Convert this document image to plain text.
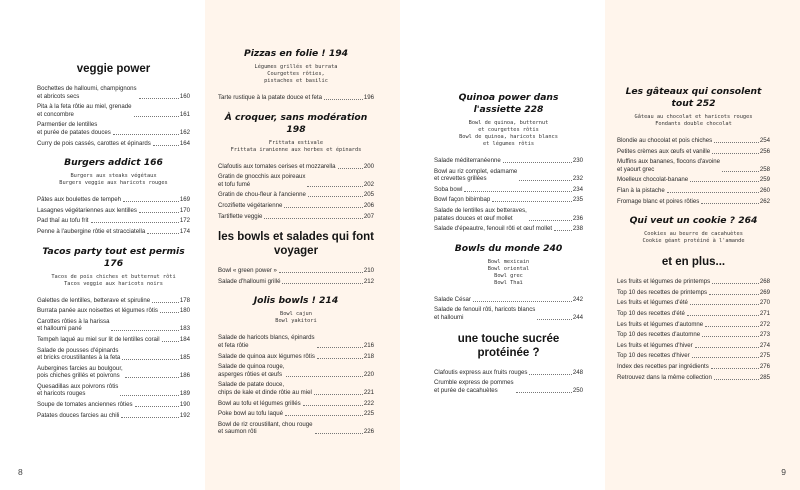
veggie power
Bochettes de halloumi, champignons
et abricots secs	160
Pita à la feta rôtie au miel, grenade
et concombre	161
Parmentier de lentilles
et purée de patates douces	162
Curry de pois cassés, carottes et épinards	164
Burgers addict 166
Burgers aux steaks végétaux
Burgers veggie aux haricots rouges
Pâtes aux boulettes de tempeh	169
Lasagnes végétariennes aux lentilles	170
Pad thaï au tofu frit	172
Penne à l'aubergine rôtie et stracciatella	174
Tacos party tout est permis 176
Tacos de pois chiches et butternut rôti
Tacos veggie aux haricots noirs
Galettes de lentilles, betterave et spiruline	178
Burrata panée aux noisettes et légumes rôtis	180
Carottes rôties à la harissa
et halloumi pané	183
Tempeh laqué au miel sur lit de lentilles corail	184
Salade de pousses d'épinards
et bricks croustillantes à la feta	185
Aubergines farcies au boulgour,
pois chiches grillés et poivrons	186
Quesadillas aux poivrons rôtis
et haricots rouges	189
Soupe de tomates anciennes rôties	190
Patates douces farcies au chili	192
Pizzas en folie ! 194
Légumes grillés et burrata
Courgettes rôties,
pistaches et basilic
Tarte rustique à la patate douce et feta	196
À croquer, sans modération 198
Frittata estivale
Frittata iranienne aux herbes et épinards
Clafoutis aux tomates cerises et mozzarella	200
Gratin de gnocchis aux poireaux
et tofu fumé	202
Gratin de chou-fleur à l'ancienne	205
Crozifiette végétarienne	206
Tartiflette veggie	207
les bowls et salades qui font voyager
Bowl « green power »	210
Salade d'halloumi grillé	212
Jolis bowls ! 214
Bowl cajun
Bowl yakitori
Salade de haricots blancs, épinards
et feta rôtie	216
Salade de quinoa aux légumes rôtis	218
Salade de quinoa rouge,
asperges rôties et œufs	220
Salade de patate douce,
chips de kale et dinde rôtie au miel	221
Bowl au tofu et légumes grillés	222
Poke bowl au tofu laqué	225
Bowl de riz croustillant, chou rouge
et saumon rôti	226
Quinoa power dans l'assiette 228
Bowl de quinoa, butternut
et courgettes rôtis
Bowl de quinoa, haricots blancs
et légumes rôtis
Salade méditerranéenne	230
Bowl au riz complet, edamame
et crevettes grillées	232
Soba bowl	234
Bowl façon bibimbap	235
Salade de lentilles aux betteraves,
patates douces et œuf mollet	236
Salade d'épeautre, fenouil rôti et œuf mollet	238
Bowls du monde 240
Bowl mexicain
Bowl oriental
Bowl grec
Bowl Thaï
Salade César	242
Salade de fenouil rôti, haricots blancs
et halloumi	244
une touche sucrée protéinée ?
Clafoutis express aux fruits rouges	248
Crumble express de pommes
et purée de cacahuètes	250
Les gâteaux qui consolent tout 252
Gâteau au chocolat et haricots rouges
Fondants double chocolat
Blondie au chocolat et pois chiches	254
Petites crèmes aux œufs et vanille	256
Muffins aux bananes, flocons d'avoine
et yaourt grec	258
Moelleux chocolat-banane	259
Flan à la pistache	260
Fromage blanc et poires rôties	262
Qui veut un cookie ? 264
Cookies au beurre de cacahuètes
Cookie géant protéiné à l'amande
et en plus...
Les fruits et légumes de printemps	268
Top 10 des recettes de printemps	269
Les fruits et légumes d'été	270
Top 10 des recettes d'été	271
Les fruits et légumes d'automne	272
Top 10 des recettes d'automne	273
Les fruits et légumes d'hiver	274
Top 10 des recettes d'hiver	275
Index des recettes par ingrédients	276
Retrouvez dans la même collection	285
8	9
